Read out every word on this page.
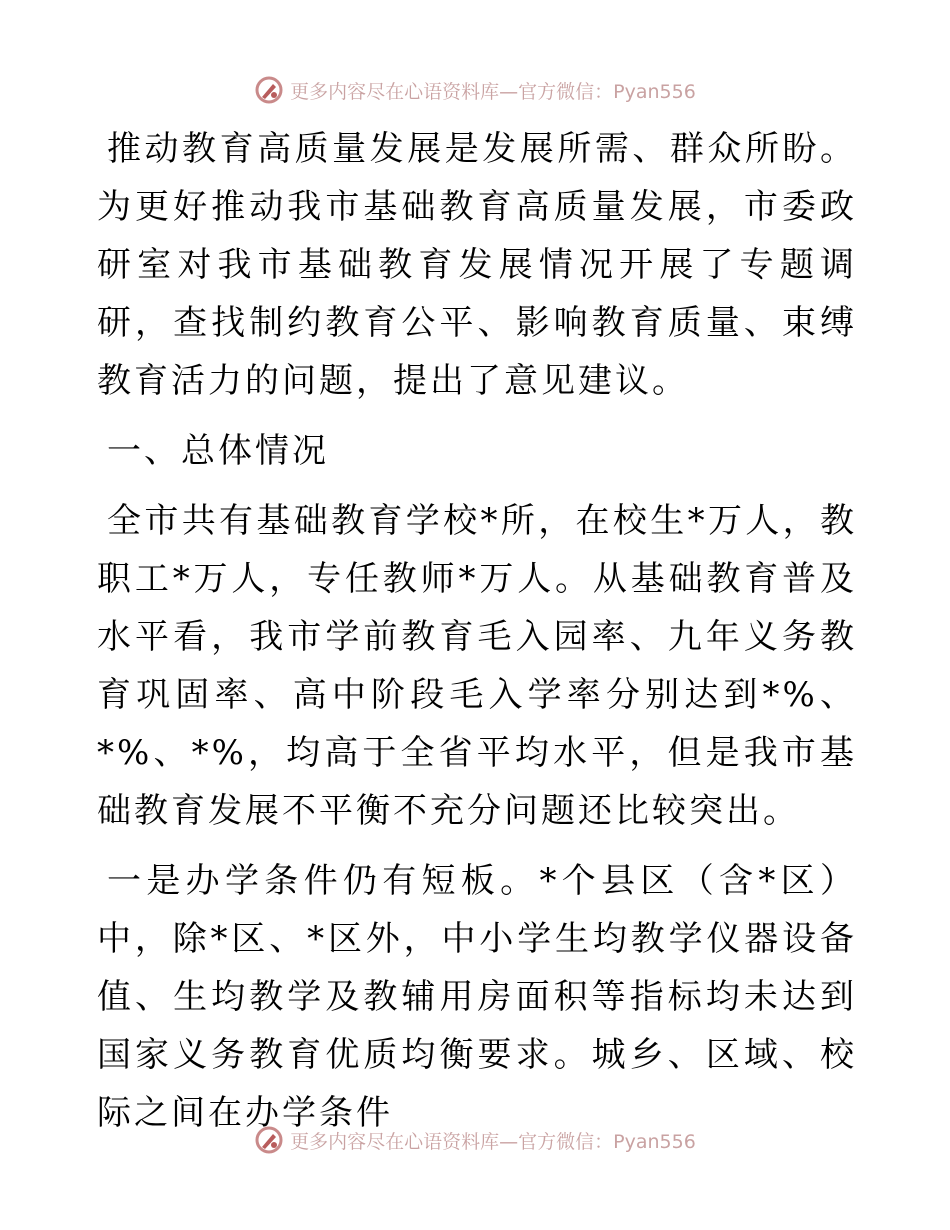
更多内容尽在心语资料库—官方微信：Pyan556

推动教育高质量发展是发展所需、群众所盼。为更好推动我市基础教育高质量发展，市委政研室对我市基础教育发展情况开展了专题调研，查找制约教育公平、影响教育质量、束缚教育活力的问题，提出了意见建议。

一、总体情况

全市共有基础教育学校*所，在校生*万人，教职工*万人，专任教师*万人。从基础教育普及水平看，我市学前教育毛入园率、九年义务教育巩固率、高中阶段毛入学率分别达到*%、*%、*%，均高于全省平均水平，但是我市基础教育发展不平衡不充分问题还比较突出。

一是办学条件仍有短板。*个县区（含*区）中，除*区、*区外，中小学生均教学仪器设备值、生均教学及教辅用房面积等指标均未达到国家义务教育优质均衡要求。城乡、区域、校际之间在办学条件

更多内容尽在心语资料库—官方微信：Pyan556
